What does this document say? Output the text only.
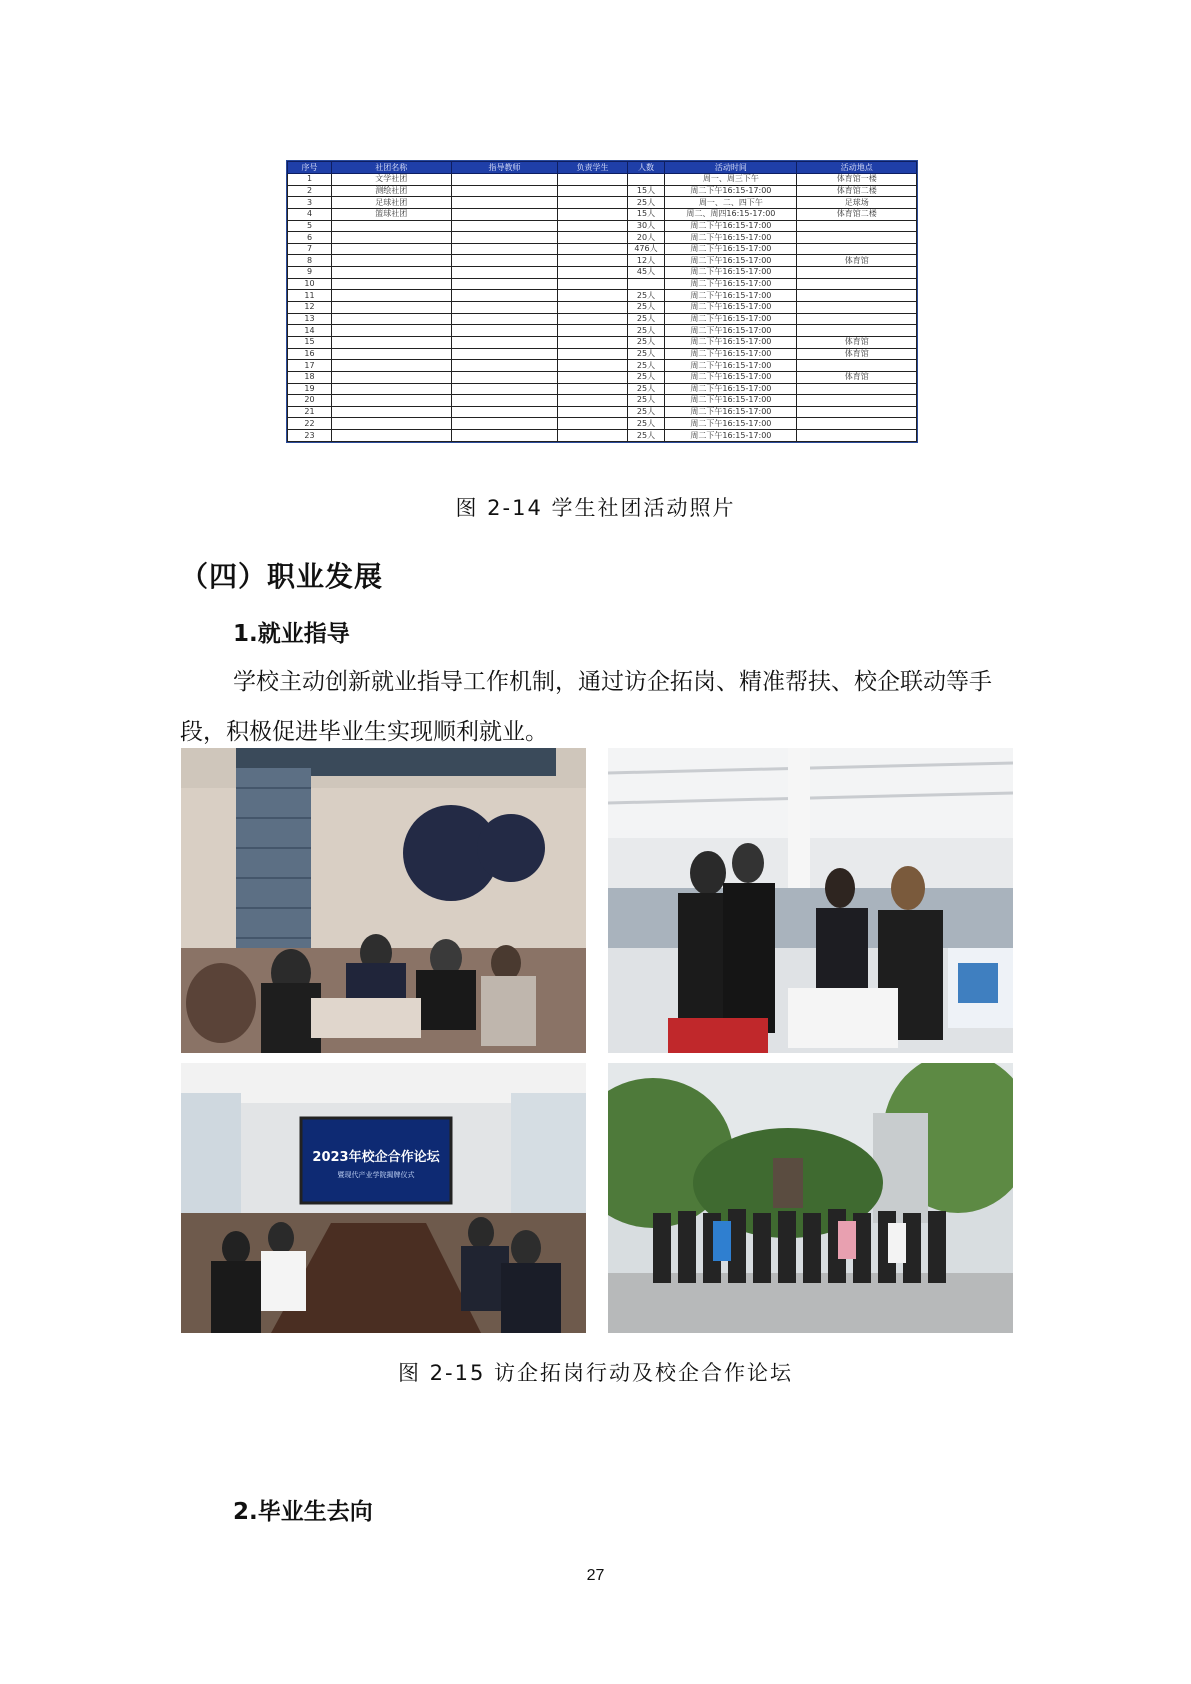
序号	社团名称	指导教师	负责学生	人数	活动时间	活动地点
1	文学社团				周一、周三下午	体育馆一楼
2	测绘社团			15人	周二下午16:15-17:00	体育馆二楼
3	足球社团			25人	周一、二、四下午	足球场
4	篮球社团			15人	周二、周四16:15-17:00	体育馆二楼
5				30人	周二下午16:15-17:00	
6				20人	周二下午16:15-17:00	
7				476人	周二下午16:15-17:00	
8				12人	周二下午16:15-17:00	体育馆
9				45人	周二下午16:15-17:00	
10					周二下午16:15-17:00	
11				25人	周二下午16:15-17:00	
12				25人	周二下午16:15-17:00	
13				25人	周二下午16:15-17:00	
14				25人	周二下午16:15-17:00	
15				25人	周二下午16:15-17:00	体育馆
16				25人	周二下午16:15-17:00	体育馆
17				25人	周二下午16:15-17:00	
18				25人	周二下午16:15-17:00	体育馆
19				25人	周二下午16:15-17:00	
20				25人	周二下午16:15-17:00	
21				25人	周二下午16:15-17:00	
22				25人	周二下午16:15-17:00	
23				25人	周二下午16:15-17:00	
图 2-14 学生社团活动照片
（四）职业发展
1.就业指导
学校主动创新就业指导工作机制，通过访企拓岗、精准帮扶、校企联动等手
段，积极促进毕业生实现顺利就业。
2023年校企合作论坛
暨现代产业学院揭牌仪式
图 2-15 访企拓岗行动及校企合作论坛
2.毕业生去向
27
